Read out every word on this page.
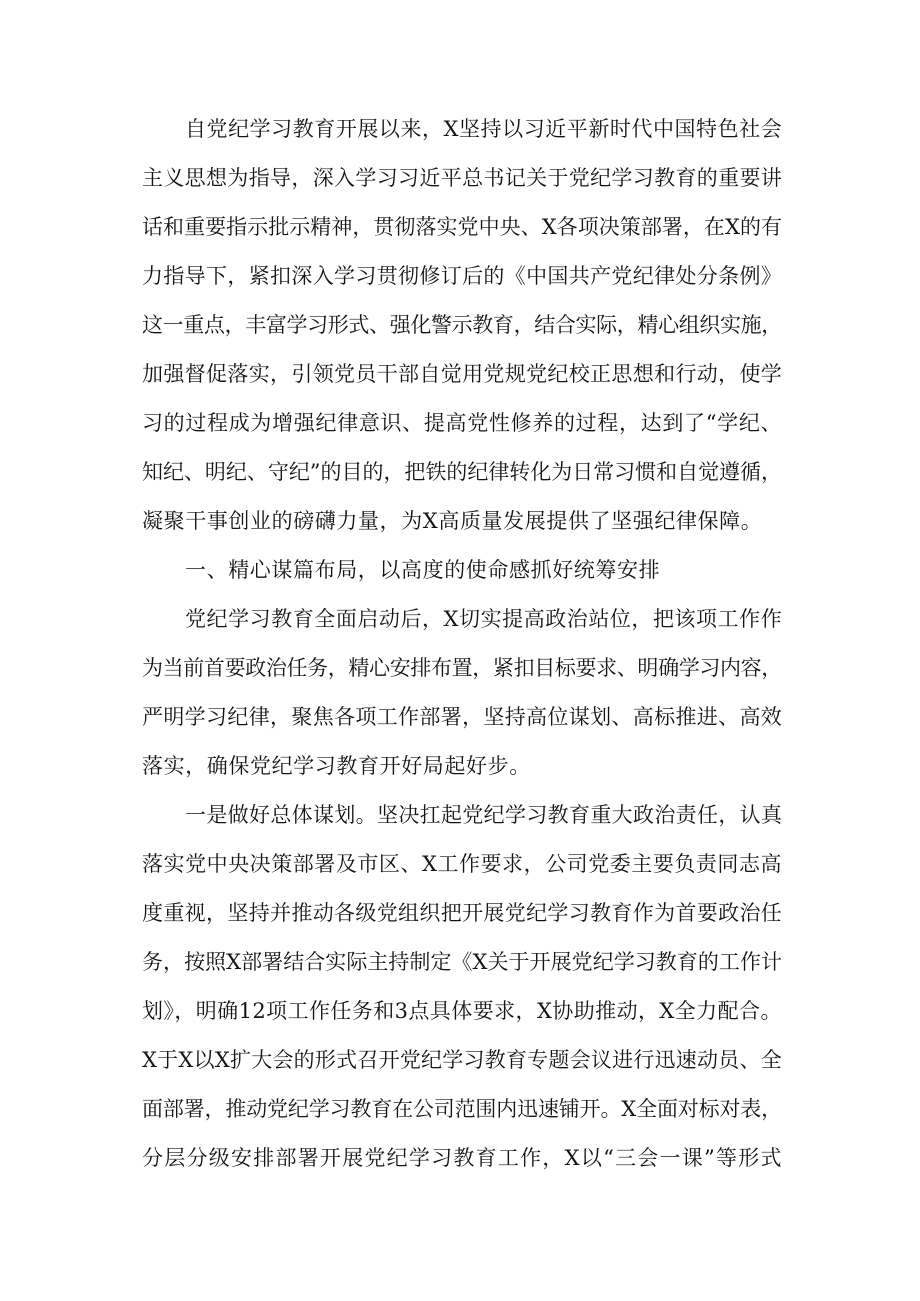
自党纪学习教育开展以来，X坚持以习近平新时代中国特色社会
主义思想为指导，深入学习习近平总书记关于党纪学习教育的重要讲
话和重要指示批示精神，贯彻落实党中央、X各项决策部署，在X的有
力指导下，紧扣深入学习贯彻修订后的《中国共产党纪律处分条例》
这一重点，丰富学习形式、强化警示教育，结合实际，精心组织实施，
加强督促落实，引领党员干部自觉用党规党纪校正思想和行动，使学
习的过程成为增强纪律意识、提高党性修养的过程，达到了“学纪、
知纪、明纪、守纪”的目的，把铁的纪律转化为日常习惯和自觉遵循，
凝聚干事创业的磅礴力量，为X高质量发展提供了坚强纪律保障。
一、精心谋篇布局，以高度的使命感抓好统筹安排
党纪学习教育全面启动后，X切实提高政治站位，把该项工作作
为当前首要政治任务，精心安排布置，紧扣目标要求、明确学习内容，
严明学习纪律，聚焦各项工作部署，坚持高位谋划、高标推进、高效
落实，确保党纪学习教育开好局起好步。
一是做好总体谋划。坚决扛起党纪学习教育重大政治责任，认真
落实党中央决策部署及市区、X工作要求，公司党委主要负责同志高
度重视，坚持并推动各级党组织把开展党纪学习教育作为首要政治任
务，按照X部署结合实际主持制定《X关于开展党纪学习教育的工作计
划》，明确12项工作任务和3点具体要求，X协助推动，X全力配合。
X于X以X扩大会的形式召开党纪学习教育专题会议进行迅速动员、全
面部署，推动党纪学习教育在公司范围内迅速铺开。X全面对标对表，
分层分级安排部署开展党纪学习教育工作，X以“三会一课”等形式
